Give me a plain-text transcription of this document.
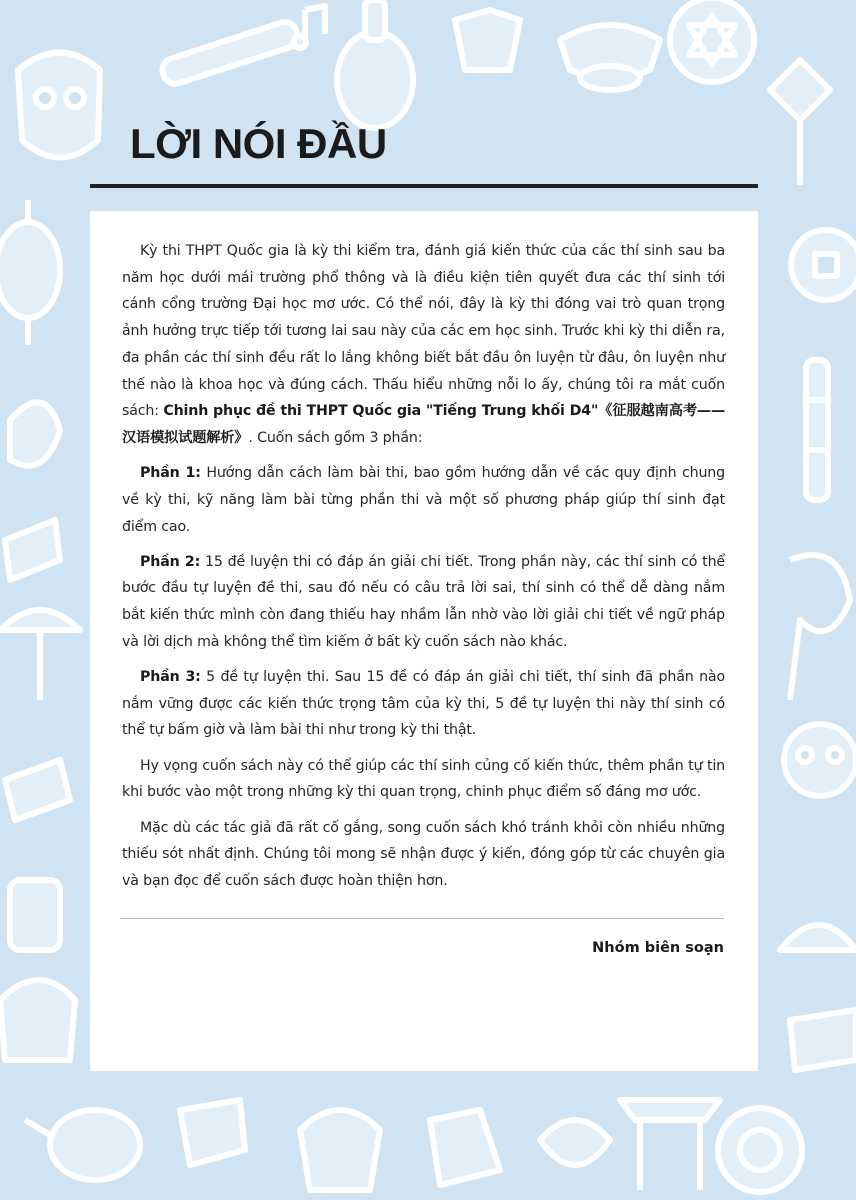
LỜI NÓI ĐẦU

Kỳ thi THPT Quốc gia là kỳ thi kiểm tra, đánh giá kiến thức của các thí sinh sau ba năm học dưới mái trường phổ thông và là điều kiện tiên quyết đưa các thí sinh tới cánh cổng trường Đại học mơ ước. Có thể nói, đây là kỳ thi đóng vai trò quan trọng ảnh hưởng trực tiếp tới tương lai sau này của các em học sinh. Trước khi kỳ thi diễn ra, đa phần các thí sinh đều rất lo lắng không biết bắt đầu ôn luyện từ đâu, ôn luyện như thế nào là khoa học và đúng cách. Thấu hiểu những nỗi lo ấy, chúng tôi ra mắt cuốn sách: Chinh phục đề thi THPT Quốc gia "Tiếng Trung khối D4"《征服越南高考——汉语模拟试题解析》. Cuốn sách gồm 3 phần:

Phần 1: Hướng dẫn cách làm bài thi, bao gồm hướng dẫn về các quy định chung về kỳ thi, kỹ năng làm bài từng phần thi và một số phương pháp giúp thí sinh đạt điểm cao.

Phần 2: 15 đề luyện thi có đáp án giải chi tiết. Trong phần này, các thí sinh có thể bước đầu tự luyện đề thi, sau đó nếu có câu trả lời sai, thí sinh có thể dễ dàng nắm bắt kiến thức mình còn đang thiếu hay nhầm lẫn nhờ vào lời giải chi tiết về ngữ pháp và lời dịch mà không thể tìm kiếm ở bất kỳ cuốn sách nào khác.

Phần 3: 5 đề tự luyện thi. Sau 15 đề có đáp án giải chi tiết, thí sinh đã phần nào nắm vững được các kiến thức trọng tâm của kỳ thi, 5 đề tự luyện thi này thí sinh có thể tự bấm giờ và làm bài thi như trong kỳ thi thật.

Hy vọng cuốn sách này có thể giúp các thí sinh củng cố kiến thức, thêm phần tự tin khi bước vào một trong những kỳ thi quan trọng, chinh phục điểm số đáng mơ ước.

Mặc dù các tác giả đã rất cố gắng, song cuốn sách khó tránh khỏi còn nhiều những thiếu sót nhất định. Chúng tôi mong sẽ nhận được ý kiến, đóng góp từ các chuyên gia và bạn đọc để cuốn sách được hoàn thiện hơn.

Nhóm biên soạn
